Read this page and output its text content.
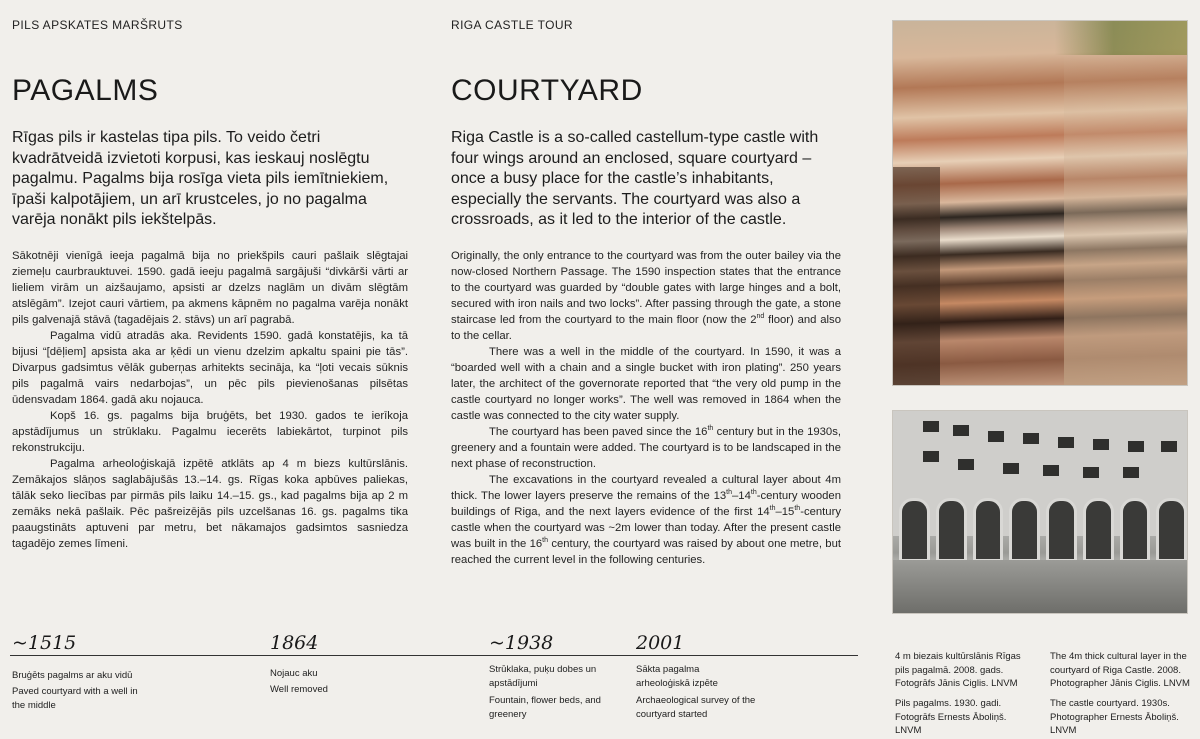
PILS APSKATES MARŠRUTS
PAGALMS

Rīgas pils ir kastelas tipa pils. To veido četri kvadrātveidā izvietoti korpusi, kas ieskauj noslēgtu pagalmu. Pagalms bija rosīga vieta pils iemītniekiem, īpaši kalpotājiem, un arī krustceles, jo no pagalma varēja nonākt pils iekštelpās.

Sākotnēji vienīgā ieeja pagalmā bija no priekšpils cauri pašlaik slēgtajai ziemeļu caurbrauktuvei. 1590. gadā ieeju pagalmā sargājuši “divkārši vārti ar lieliem virām un aizšaujamo, apsisti ar dzelzs naglām un divām slēgtām atslēgām”. Izejot cauri vārtiem, pa akmens kāpnēm no pagalma varēja nonākt pils galvenajā stāvā (tagadējais 2. stāvs) un arī pagrabā.

Pagalma vidū atradās aka. Revidents 1590. gadā konstatējis, ka tā bijusi “[dēļiem] apsista aka ar ķēdi un vienu dzelzim apkaltu spaini pie tās”. Divarpus gadsimtus vēlāk guberņas arhitekts secināja, ka “ļoti vecais sūknis pils pagalmā vairs nedarbojas”, un pēc pils pievienošanas pilsētas ūdensvadam 1864. gadā aku nojauca.

Kopš 16. gs. pagalms bija bruģēts, bet 1930. gados te ierīkoja apstādījumus un strūklaku. Pagalmu iecerēts labiekārtot, turpinot pils rekonstrukciju.

Pagalma arheoloģiskajā izpētē atklāts ap 4 m biezs kultūrslānis. Zemākajos slāņos saglabājušās 13.–14. gs. Rīgas koka apbūves paliekas, tālāk seko liecības par pirmās pils laiku 14.–15. gs., kad pagalms bija ap 2 m zemāks nekā pašlaik. Pēc pašreizējās pils uzcelšanas 16. gs. pagalms tika paaugstināts aptuveni par metru, bet nākamajos gadsimtos sasniedza tagadējo zemes līmeni.

RIGA CASTLE TOUR
COURTYARD

Riga Castle is a so-called castellum-type castle with four wings around an enclosed, square courtyard – once a busy place for the castle’s inhabitants, especially the servants. The courtyard was also a crossroads, as it led to the interior of the castle.

Originally, the only entrance to the courtyard was from the outer bailey via the now-closed Northern Passage. The 1590 inspection states that the entrance to the courtyard was guarded by “double gates with large hinges and a bolt, secured with iron nails and two locks”. After passing through the gate, a stone staircase led from the courtyard to the main floor (now the 2nd floor) and also to the cellar.

There was a well in the middle of the courtyard. In 1590, it was a “boarded well with a chain and a single bucket with iron plating”. 250 years later, the architect of the governorate reported that “the very old pump in the castle courtyard no longer works”. The well was removed in 1864 when the castle was connected to the city water supply.

The courtyard has been paved since the 16th century but in the 1930s, greenery and a fountain were added. The courtyard is to be landscaped in the next phase of reconstruction.

The excavations in the courtyard revealed a cultural layer about 4m thick. The lower layers preserve the remains of the 13th–14th-century wooden buildings of Riga, and the next layers evidence of the first 14th–15th-century castle when the courtyard was ~2m lower than today. After the present castle was built in the 16th century, the courtyard was raised by about one metre, but reached the current level in the following centuries.

~1515
Bruģēts pagalms ar aku vidū
Paved courtyard with a well in the middle
1864
Nojauc aku
Well removed
~1938
Strūklaka, puķu dobes un apstādījumi
Fountain, flower beds, and greenery
2001
Sākta pagalma arheoloģiskā izpēte
Archaeological survey of the courtyard started
4 m biezais kultūrslānis Rīgas pils pagalmā. 2008. gads. Fotogrāfs Jānis Ciglis. LNVM
The 4m thick cultural layer in the courtyard of Riga Castle. 2008. Photographer Jānis Ciglis. LNVM
Pils pagalms. 1930. gadi. Fotogrāfs Ernests Āboliņš. LNVM
The castle courtyard. 1930s. Photographer Ernests Āboliņš. LNVM
